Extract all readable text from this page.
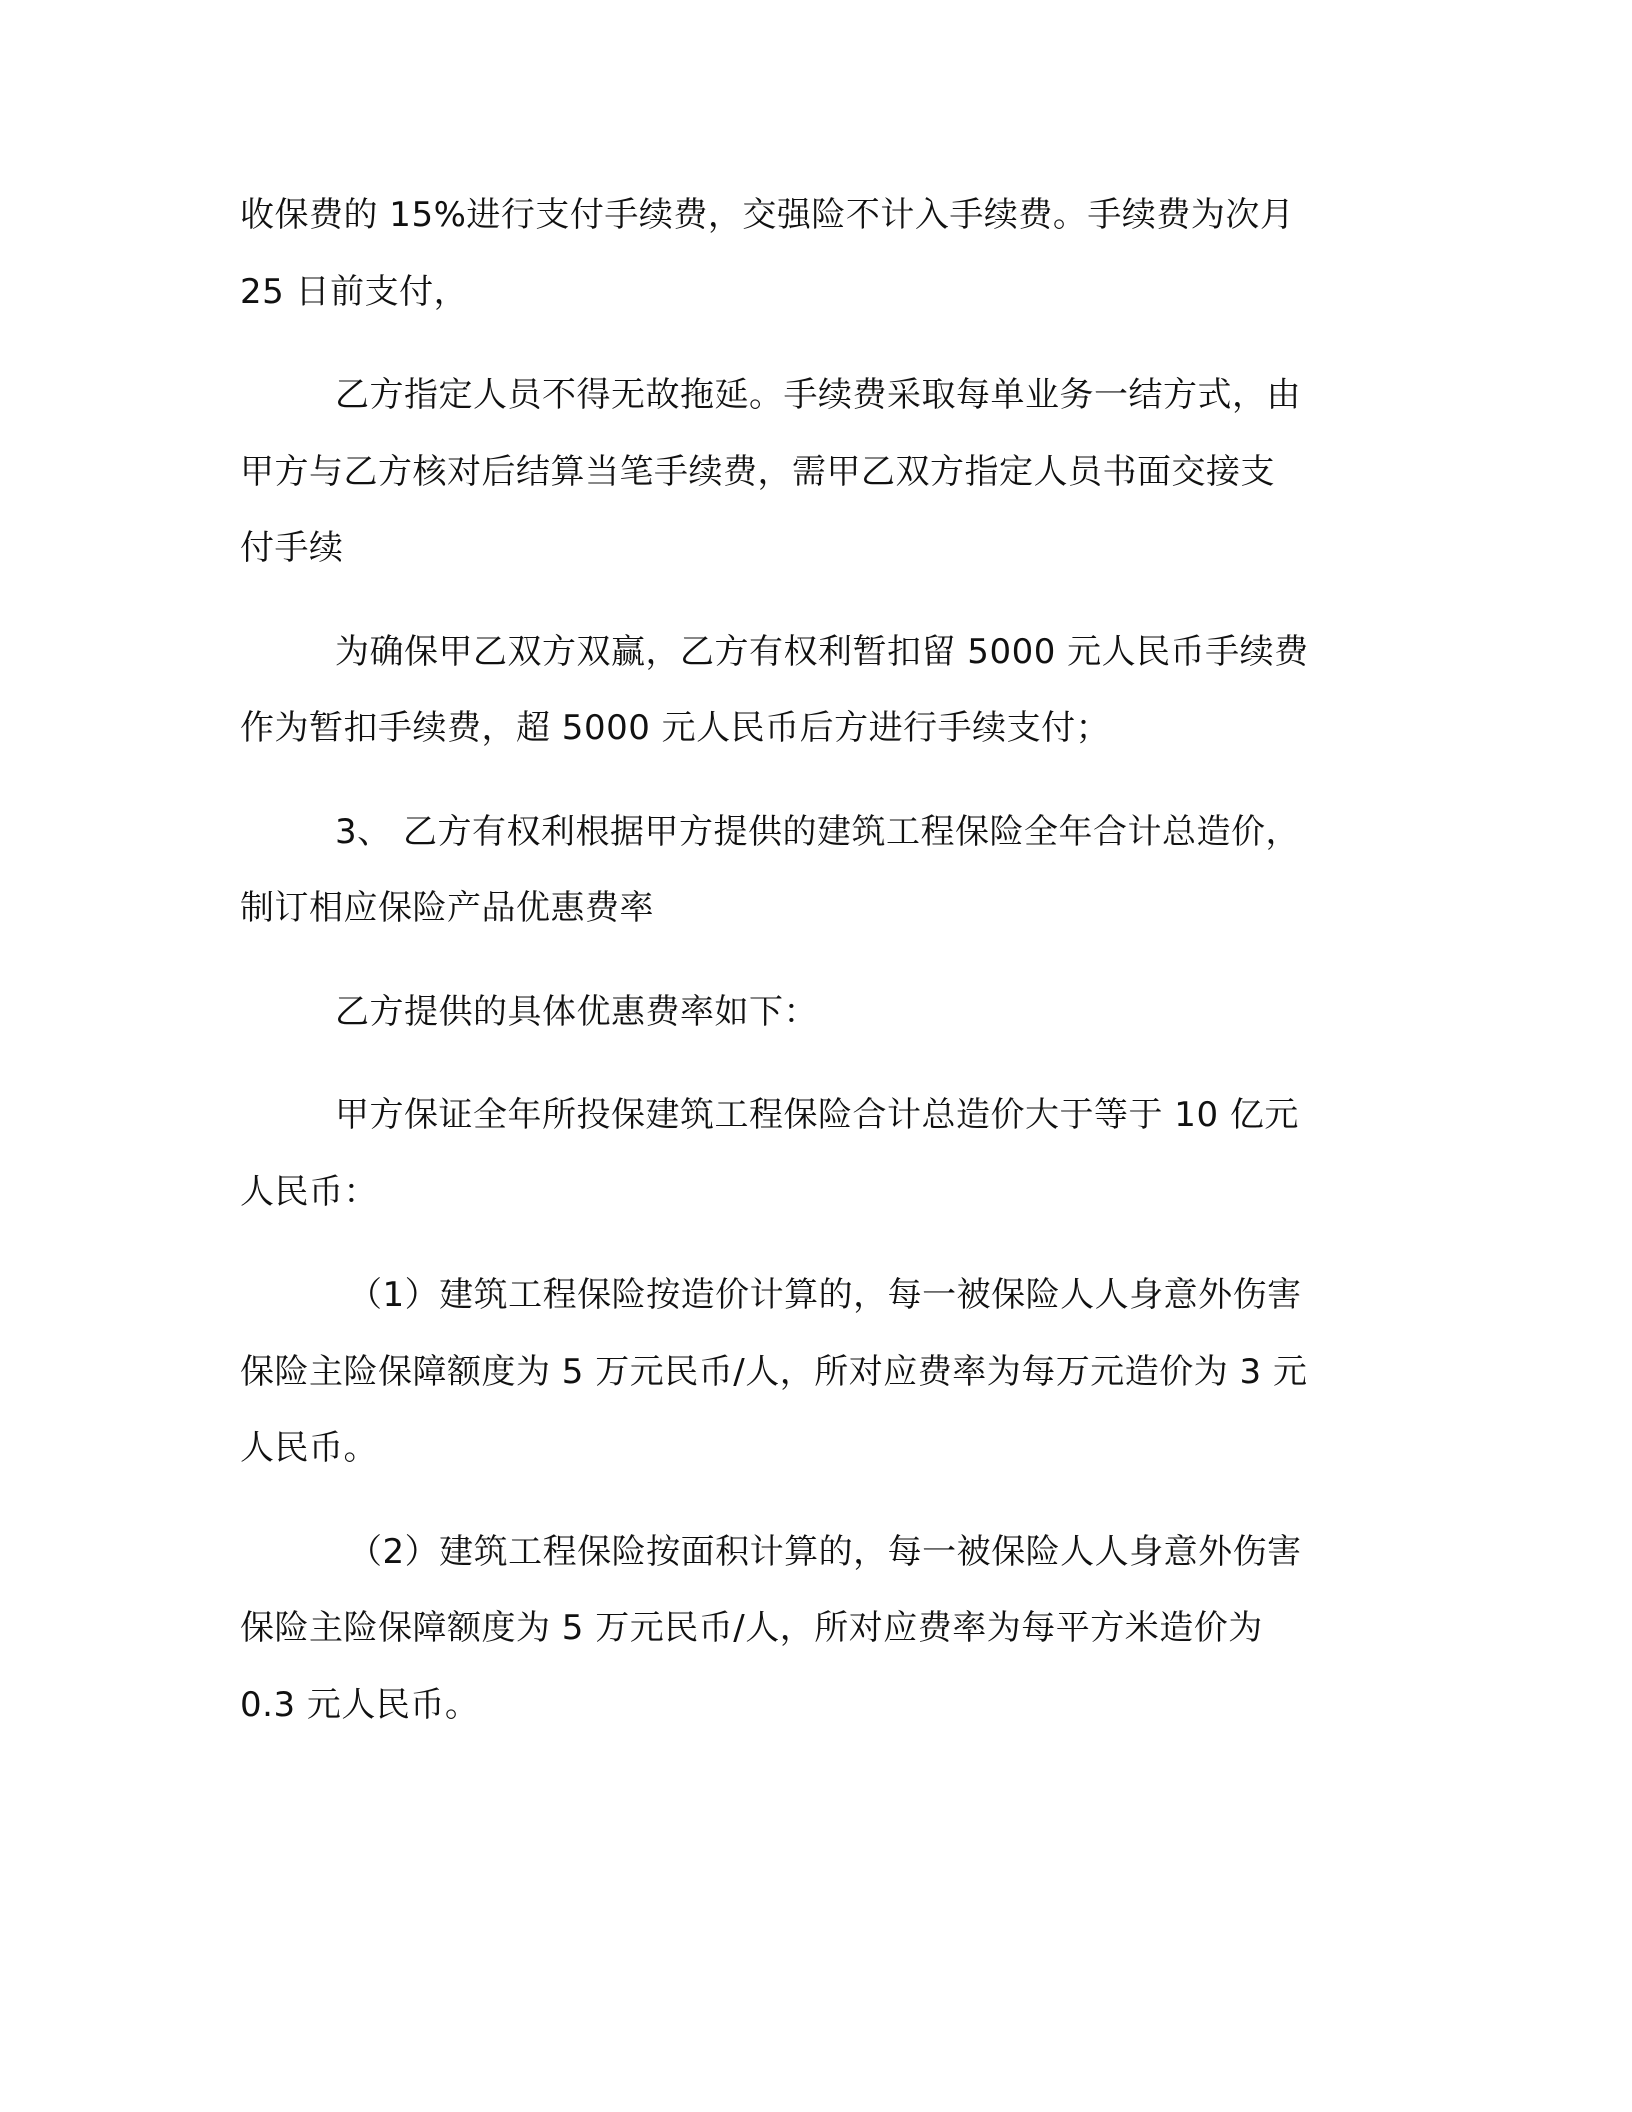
收保费的 15%进行支付手续费，交强险不计入手续费。手续费为次月

25 日前支付，

乙方指定人员不得无故拖延。手续费采取每单业务一结方式，由

甲方与乙方核对后结算当笔手续费，需甲乙双方指定人员书面交接支

付手续

为确保甲乙双方双赢，乙方有权利暂扣留 5000 元人民币手续费

作为暂扣手续费，超 5000 元人民币后方进行手续支付；

3、 乙方有权利根据甲方提供的建筑工程保险全年合计总造价，

制订相应保险产品优惠费率

乙方提供的具体优惠费率如下：

甲方保证全年所投保建筑工程保险合计总造价大于等于 10 亿元

人民币：

（1）建筑工程保险按造价计算的，每一被保险人人身意外伤害

保险主险保障额度为 5 万元民币/人，所对应费率为每万元造价为 3 元

人民币。

（2）建筑工程保险按面积计算的，每一被保险人人身意外伤害

保险主险保障额度为 5 万元民币/人，所对应费率为每平方米造价为

0.3 元人民币。
